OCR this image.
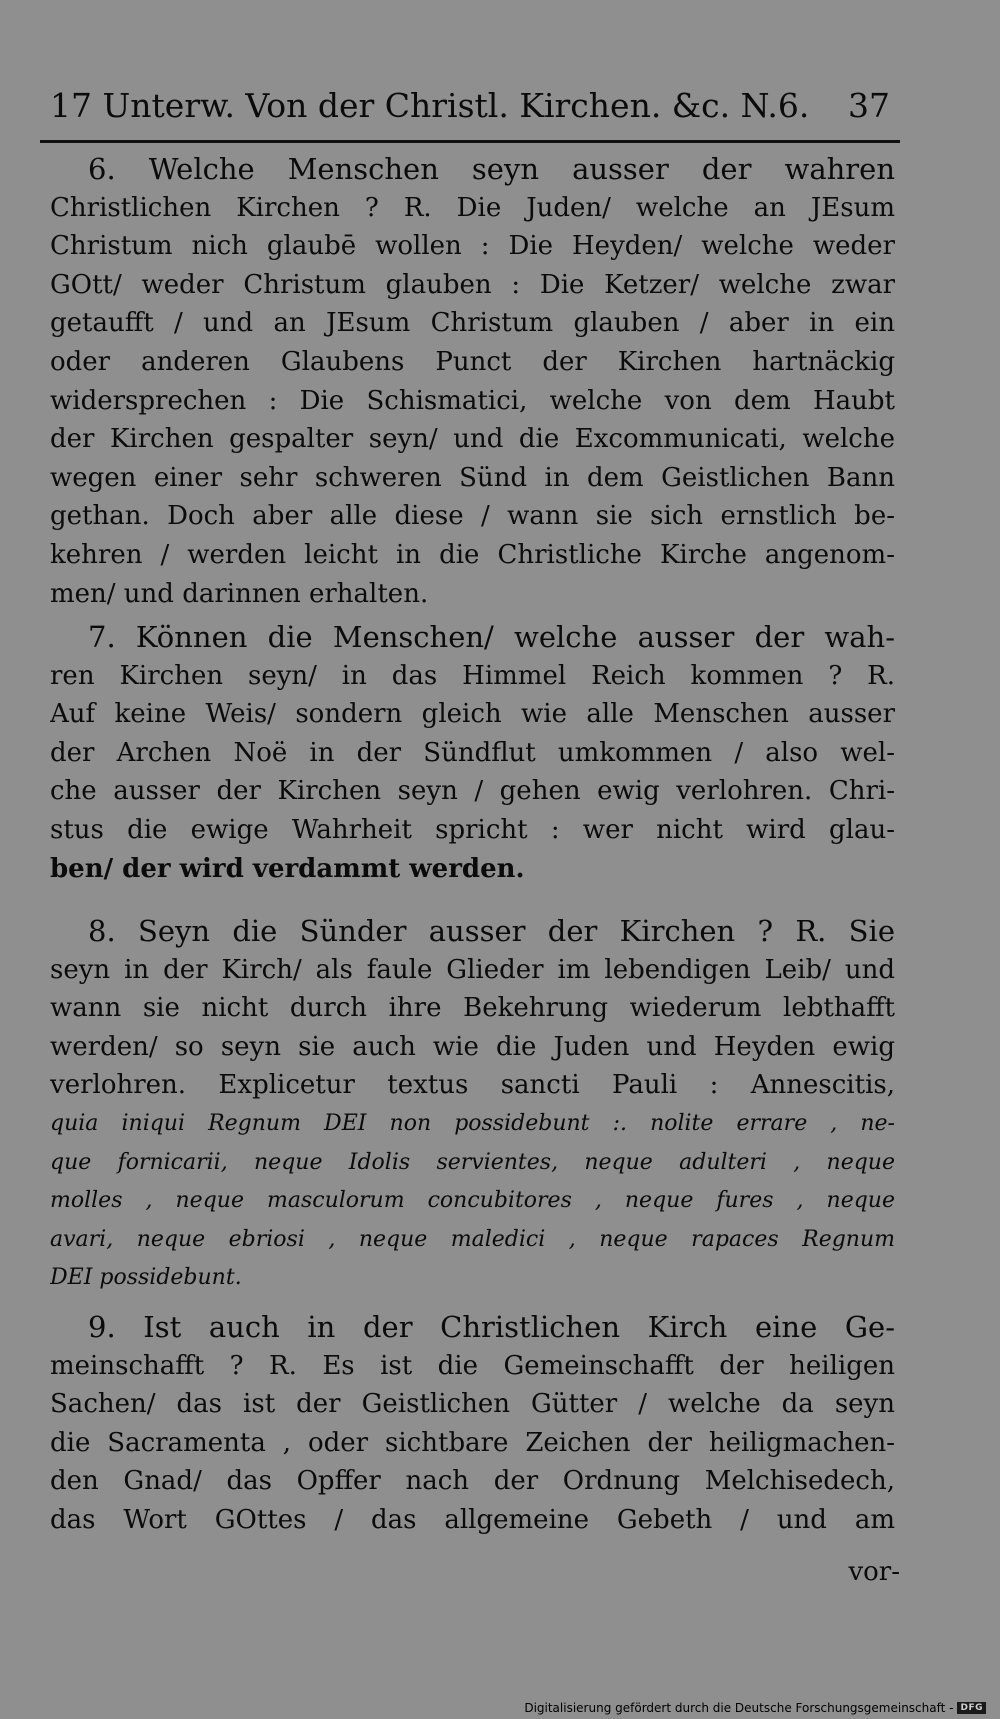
17 Unterw. Von der Christl. Kirchen. &c. N.6. 37
6. Welche Menschen seyn ausser der wahren
Christlichen Kirchen ? R. Die Juden/ welche an JEsum
Christum nich glaubē wollen : Die Heyden/ welche weder
GOtt/ weder Christum glauben : Die Ketzer/ welche zwar
getaufft / und an JEsum Christum glauben / aber in ein
oder anderen Glaubens Punct der Kirchen hartnäckig
widersprechen : Die Schismatici, welche von dem Haubt
der Kirchen gespalter seyn/ und die Excommunicati, welche
wegen einer sehr schweren Sünd in dem Geistlichen Bann
gethan. Doch aber alle diese / wann sie sich ernstlich be-
kehren / werden leicht in die Christliche Kirche angenom-
men/ und darinnen erhalten.
7. Können die Menschen/ welche ausser der wah-
ren Kirchen seyn/ in das Himmel Reich kommen ? R.
Auf keine Weis/ sondern gleich wie alle Menschen ausser
der Archen Noë in der Sündflut umkommen / also wel-
che ausser der Kirchen seyn / gehen ewig verlohren. Chri-
stus die ewige Wahrheit spricht : wer nicht wird glau-
ben/ der wird verdammt werden.
8. Seyn die Sünder ausser der Kirchen ? R. Sie
seyn in der Kirch/ als faule Glieder im lebendigen Leib/ und
wann sie nicht durch ihre Bekehrung wiederum lebthafft
werden/ so seyn sie auch wie die Juden und Heyden ewig
verlohren. Explicetur textus sancti Pauli : Annescitis,
quia iniqui Regnum DEI non possidebunt :. nolite errare , ne-
que fornicarii, neque Idolis servientes, neque adulteri , neque
molles , neque masculorum concubitores , neque fures , neque
avari, neque ebriosi , neque maledici , neque rapaces Regnum
DEI possidebunt.
9. Ist auch in der Christlichen Kirch eine Ge-
meinschafft ? R. Es ist die Gemeinschafft der heiligen
Sachen/ das ist der Geistlichen Gütter / welche da seyn
die Sacramenta , oder sichtbare Zeichen der heiligmachen-
den Gnad/ das Opffer nach der Ordnung Melchisedech,
das Wort GOttes / das allgemeine Gebeth / und am
vor-
Digitalisierung gefördert durch die Deutsche Forschungsgemeinschaft - DFG
